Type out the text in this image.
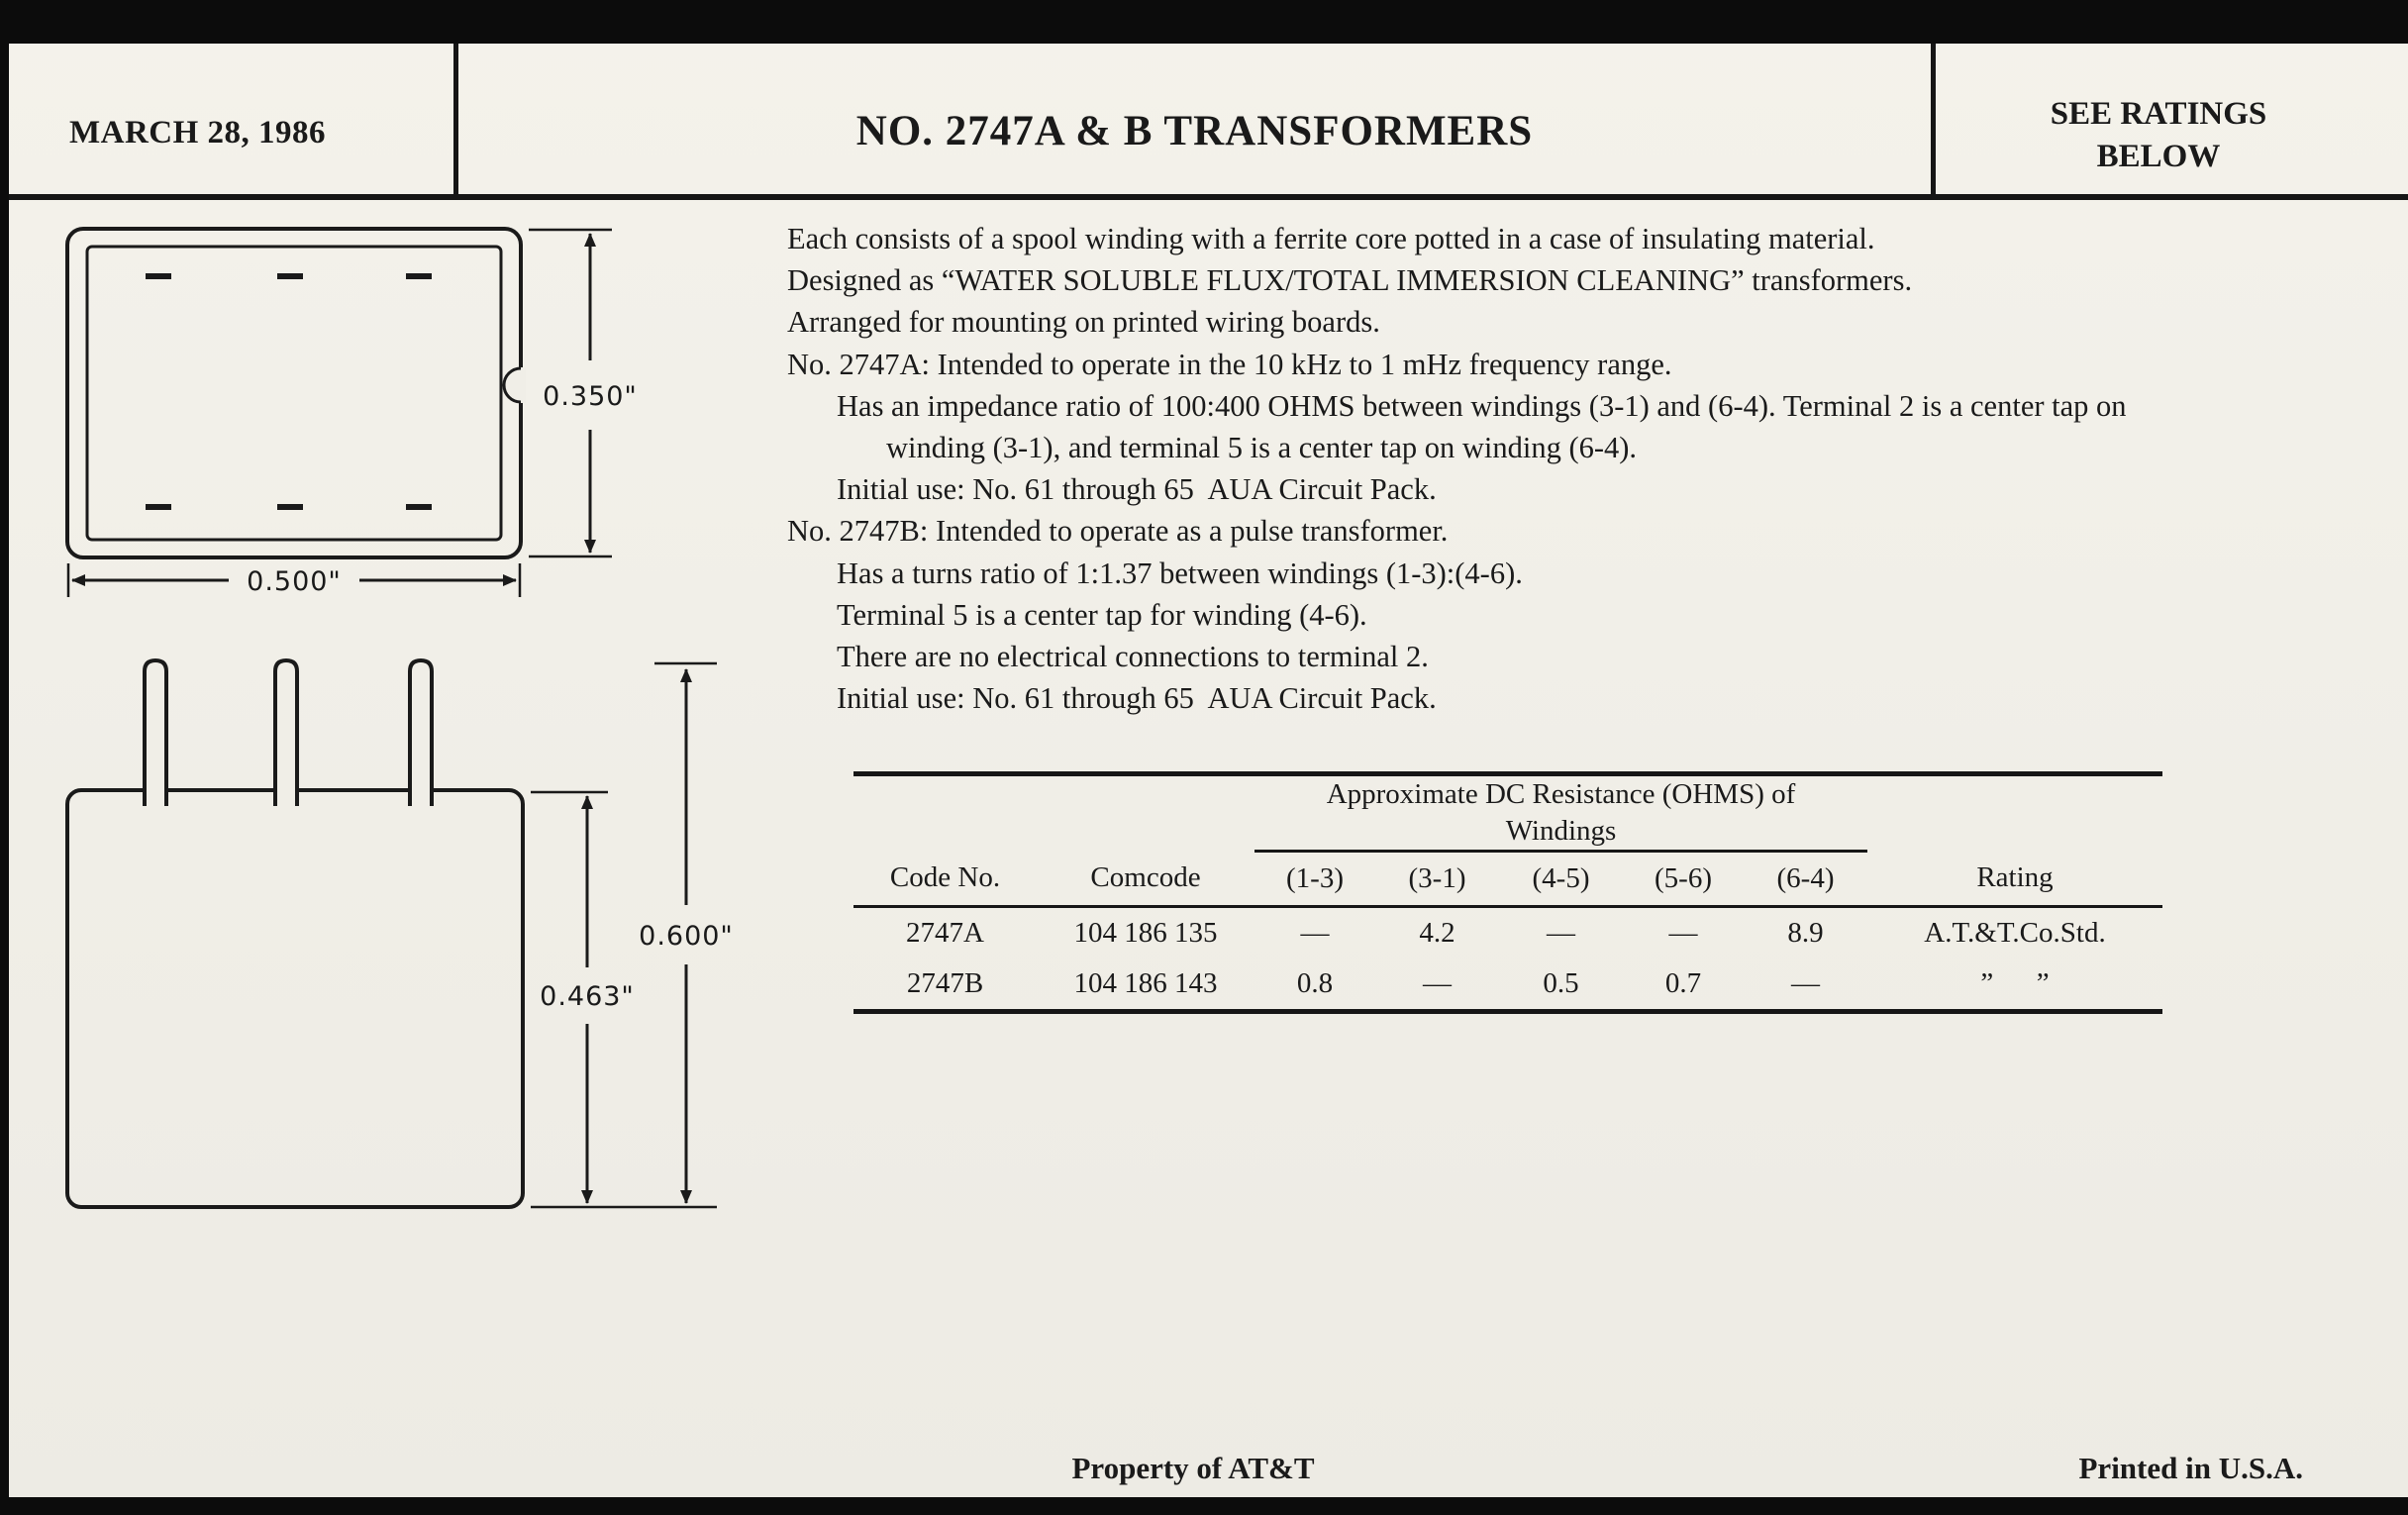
MARCH 28, 1986	NO. 2747A & B TRANSFORMERS	SEE RATINGS
BELOW
0.350"
0.500"
0.463"
0.600"
Each consists of a spool winding with a ferrite core potted in a case of insulating material.
Designed as “WATER SOLUBLE FLUX/TOTAL IMMERSION CLEANING” transformers.
Arranged for mounting on printed wiring boards.
No. 2747A: Intended to operate in the 10 kHz to 1 mHz frequency range.
Has an impedance ratio of 100:400 OHMS between windings (3-1) and (6-4). Terminal 2 is a center tap on
winding (3-1), and terminal 5 is a center tap on winding (6-4).
Initial use: No. 61 through 65  AUA Circuit Pack.
No. 2747B: Intended to operate as a pulse transformer.
Has a turns ratio of 1:1.37 between windings (1-3):(4-6).
Terminal 5 is a center tap for winding (4-6).
There are no electrical connections to terminal 2.
Initial use: No. 61 through 65  AUA Circuit Pack.

		Approximate DC Resistance (OHMS) of
Windings					

Code No.	Comcode	(1-3)	(3-1)	(4-5)	(5-6)	(6-4)	Rating
2747A	104 186 135	—	4.2	—	—	8.9	A.T.&T.Co.Std.
2747B	104 186 143	0.8	—	0.5	0.7	—	”      ”
Property of AT&T	Printed in U.S.A.
